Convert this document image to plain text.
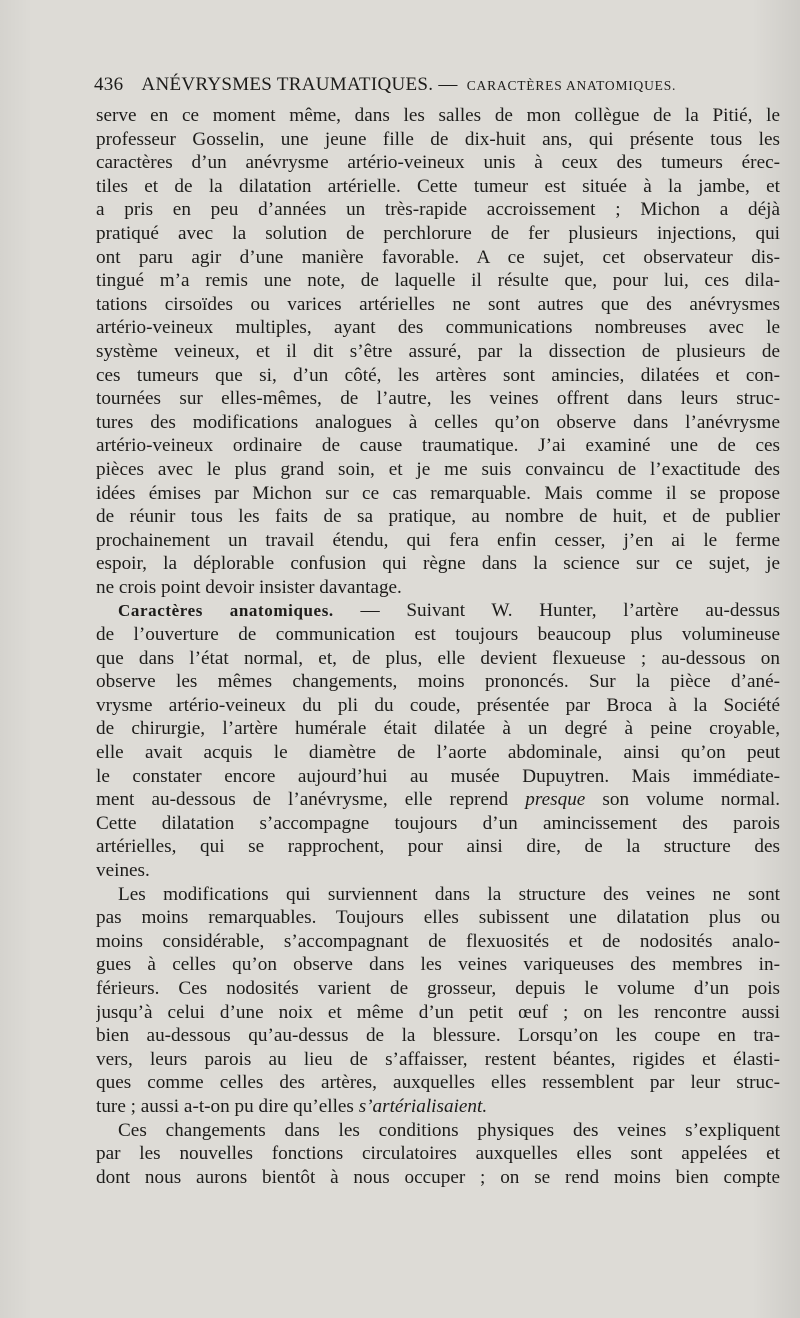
436 ANÉVRYSMES TRAUMATIQUES. — CARACTÈRES ANATOMIQUES.
serve en ce moment même, dans les salles de mon collègue de la Pitié, le
professeur Gosselin, une jeune fille de dix-huit ans, qui présente tous les
caractères d’un anévrysme artério-veineux unis à ceux des tumeurs érec-
tiles et de la dilatation artérielle. Cette tumeur est située à la jambe, et
a pris en peu d’années un très-rapide accroissement ; Michon a déjà
pratiqué avec la solution de perchlorure de fer plusieurs injections, qui
ont paru agir d’une manière favorable. A ce sujet, cet observateur dis-
tingué m’a remis une note, de laquelle il résulte que, pour lui, ces dila-
tations cirsoïdes ou varices artérielles ne sont autres que des anévrysmes
artério-veineux multiples, ayant des communications nombreuses avec le
système veineux, et il dit s’être assuré, par la dissection de plusieurs de
ces tumeurs que si, d’un côté, les artères sont amincies, dilatées et con-
tournées sur elles-mêmes, de l’autre, les veines offrent dans leurs struc-
tures des modifications analogues à celles qu’on observe dans l’anévrysme
artério-veineux ordinaire de cause traumatique. J’ai examiné une de ces
pièces avec le plus grand soin, et je me suis convaincu de l’exactitude des
idées émises par Michon sur ce cas remarquable. Mais comme il se propose
de réunir tous les faits de sa pratique, au nombre de huit, et de publier
prochainement un travail étendu, qui fera enfin cesser, j’en ai le ferme
espoir, la déplorable confusion qui règne dans la science sur ce sujet, je
ne crois point devoir insister davantage.
Caractères anatomiques. — Suivant W. Hunter, l’artère au-dessus
de l’ouverture de communication est toujours beaucoup plus volumineuse
que dans l’état normal, et, de plus, elle devient flexueuse ; au-dessous on
observe les mêmes changements, moins prononcés. Sur la pièce d’ané-
vrysme artério-veineux du pli du coude, présentée par Broca à la Société
de chirurgie, l’artère humérale était dilatée à un degré à peine croyable,
elle avait acquis le diamètre de l’aorte abdominale, ainsi qu’on peut
le constater encore aujourd’hui au musée Dupuytren. Mais immédiate-
ment au-dessous de l’anévrysme, elle reprend presque son volume normal.
Cette dilatation s’accompagne toujours d’un amincissement des parois
artérielles, qui se rapprochent, pour ainsi dire, de la structure des
veines.
Les modifications qui surviennent dans la structure des veines ne sont
pas moins remarquables. Toujours elles subissent une dilatation plus ou
moins considérable, s’accompagnant de flexuosités et de nodosités analo-
gues à celles qu’on observe dans les veines variqueuses des membres in-
férieurs. Ces nodosités varient de grosseur, depuis le volume d’un pois
jusqu’à celui d’une noix et même d’un petit œuf ; on les rencontre aussi
bien au-dessous qu’au-dessus de la blessure. Lorsqu’on les coupe en tra-
vers, leurs parois au lieu de s’affaisser, restent béantes, rigides et élasti-
ques comme celles des artères, auxquelles elles ressemblent par leur struc-
ture ; aussi a-t-on pu dire qu’elles s’artérialisaient.
Ces changements dans les conditions physiques des veines s’expliquent
par les nouvelles fonctions circulatoires auxquelles elles sont appelées et
dont nous aurons bientôt à nous occuper ; on se rend moins bien compte
